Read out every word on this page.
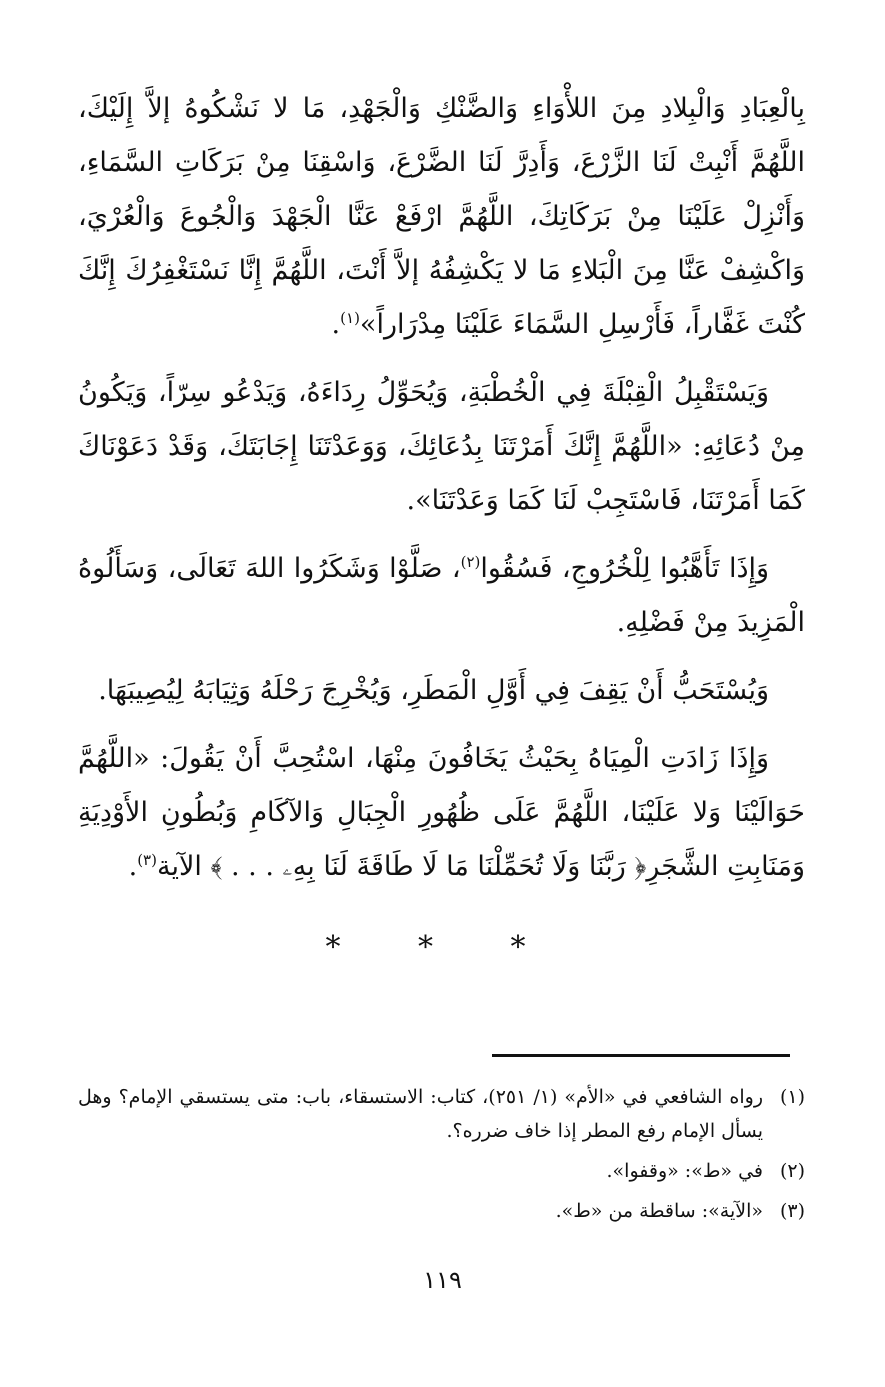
بِالْعِبَادِ وَالْبِلادِ مِنَ اللأْوَاءِ وَالضَّنْكِ وَالْجَهْدِ، مَا لا نَشْكُوهُ إلاَّ إِلَيْكَ، اللَّهُمَّ أَنْبِتْ لَنَا الزَّرْعَ، وَأَدِرَّ لَنَا الضَّرْعَ، وَاسْقِنَا مِنْ بَرَكَاتِ السَّمَاءِ، وَأَنْزِلْ عَلَيْنَا مِنْ بَرَكَاتِكَ، اللَّهُمَّ ارْفَعْ عَنَّا الْجَهْدَ وَالْجُوعَ وَالْعُرْيَ، وَاكْشِفْ عَنَّا مِنَ الْبَلاءِ مَا لا يَكْشِفُهُ إلاَّ أَنْتَ، اللَّهُمَّ إِنَّا نَسْتَغْفِرُكَ إِنَّكَ كُنْتَ غَفَّاراً، فَأَرْسِلِ السَّمَاءَ عَلَيْنَا مِدْرَاراً»$^{(١)}$.

وَيَسْتَقْبِلُ الْقِبْلَةَ فِي الْخُطْبَةِ، وَيُحَوِّلُ رِدَاءَهُ، وَيَدْعُو سِرّاً، وَيَكُونُ مِنْ دُعَائِهِ: «اللَّهُمَّ إِنَّكَ أَمَرْتَنَا بِدُعَائِكَ، وَوَعَدْتَنَا إِجَابَتَكَ، وَقَدْ دَعَوْنَاكَ كَمَا أَمَرْتَنَا، فَاسْتَجِبْ لَنَا كَمَا وَعَدْتَنَا».

وَإِذَا تَأَهَّبُوا لِلْخُرُوجِ، فَسُقُوا$^{(٢)}$، صَلَّوْا وَشَكَرُوا اللهَ تَعَالَى، وَسَأَلُوهُ الْمَزِيدَ مِنْ فَضْلِهِ.

وَيُسْتَحَبُّ أَنْ يَقِفَ فِي أَوَّلِ الْمَطَرِ، وَيُخْرِجَ رَحْلَهُ وَثِيَابَهُ لِيُصِيبَهَا.

وَإِذَا زَادَتِ الْمِيَاهُ بِحَيْثُ يَخَافُونَ مِنْهَا، اسْتُحِبَّ أَنْ يَقُولَ: «اللَّهُمَّ حَوَالَيْنَا وَلا عَلَيْنَا، اللَّهُمَّ عَلَى ظُهُورِ الْجِبَالِ وَالآكَامِ وَبُطُونِ الأَوْدِيَةِ وَمَنَابِتِ الشَّجَرِ﴿ رَبَّنَا وَلَا تُحَمِّلْنَا مَا لَا طَاقَةَ لَنَا بِهِۦ . . . ﴾ الآية$^{(٣)}$.

* * *
(١)
رواه الشافعي في «الأم» (١/ ٢٥١)، كتاب: الاستسقاء، باب: متى يستسقي الإمام؟ وهل يسأل الإمام رفع المطر إذا خاف ضرره؟.
(٢)
في «ط»: «وقفوا».
(٣)
«الآية»: ساقطة من «ط».
١١٩
